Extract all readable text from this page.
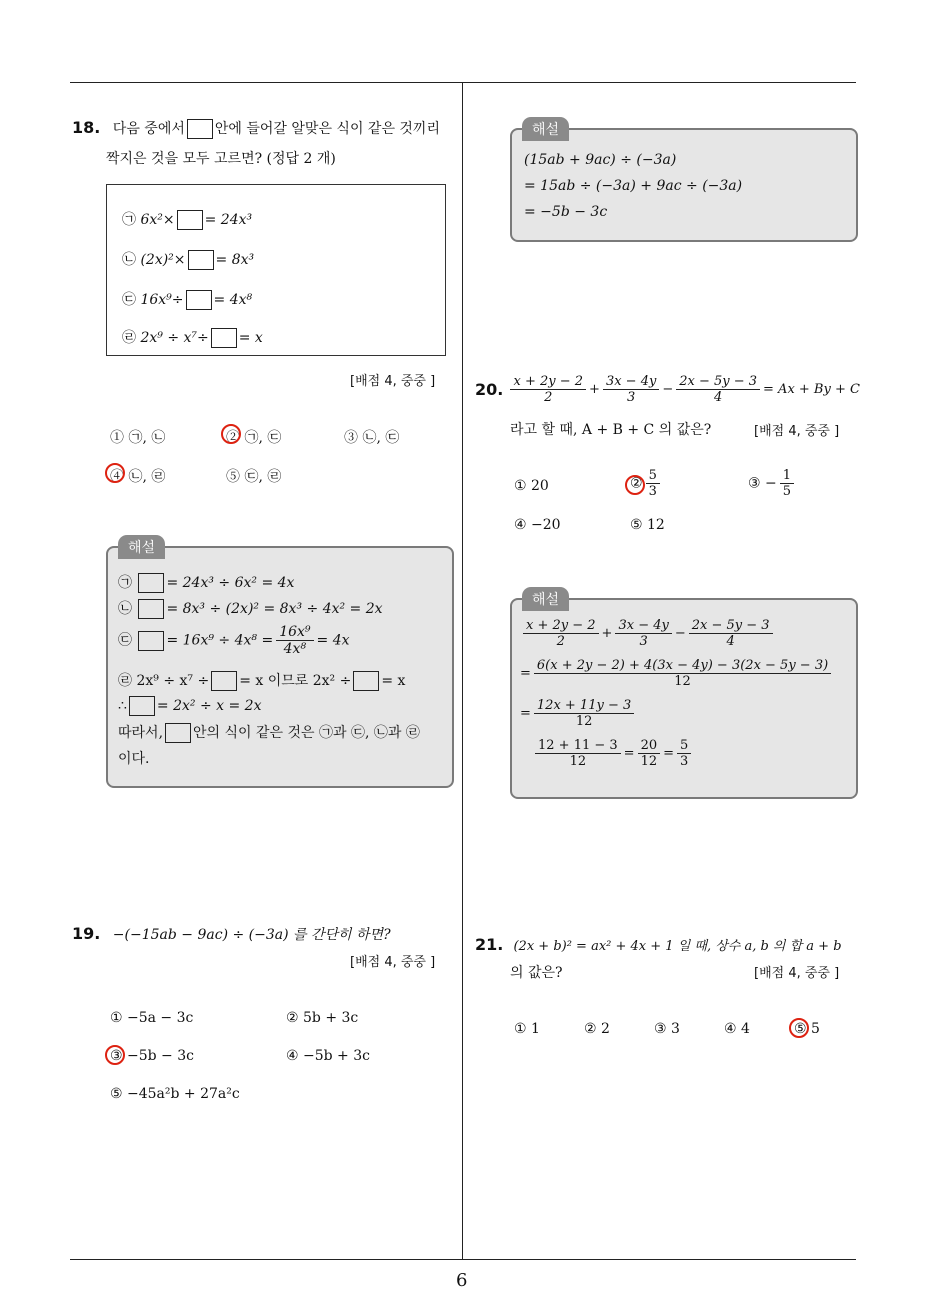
6
18. 다음 중에서 안에 들어갈 알맞은 식이 같은 것끼리
짝지은 것을 모두 고르면? (정답 2 개)
㉠ 6x²× = 24x³
㉡ (2x)²× = 8x³
㉢ 16x⁹÷ = 4x⁸
㉣ 2x⁹ ÷ x⁷÷ = x
[배점 4, 중중 ]
① ㉠, ㉡	② ㉠, ㉢	③ ㉡, ㉢
④ ㉡, ㉣	⑤ ㉢, ㉣
해설
㉠ = 24x³ ÷ 6x² = 4x
㉡ = 8x³ ÷ (2x)² = 8x³ ÷ 4x² = 2x
㉢ = $16x^9 \div 4x^8 = \frac{\text{16x⁹}}{\text{4x⁸}} = 4x$
㉣ 2x⁹ ÷ x⁷ ÷ = x 이므로 2x² ÷ = x
∴ = 2x² ÷ x = 2x
따라서, 안의 식이 같은 것은 ㉠과 ㉢, ㉡과 ㉣
이다.
19. −(−15ab − 9ac) ÷ (−3a) 를 간단히 하면?
[배점 4, 중중 ]
① −5a − 3c	② 5b + 3c
③ −5b − 3c	④ −5b + 3c
⑤ −45a²b + 27a²c
해설
(15ab + 9ac) ÷ (−3a)
= 15ab ÷ (−3a) + 9ac ÷ (−3a)
= −5b − 3c
20. $\frac{x + 2y - 2}{2} + \frac{3x - 4y}{3} - \frac{2x - 5y - 3}{4} = Ax + By + C$
라고 할 때, A + B + C 의 값은?	[배점 4, 중중 ]
① 20	② $\frac{5}{3}$	③ − $\frac{1}{5}$
④ −20	⑤ 12
해설
$\frac{x + 2y - 2}{2} + \frac{3x - 4y}{3} - \frac{2x - 5y - 3}{4}$
= $\frac{6(x + 2y - 2) + 4(3x - 4y) - 3(2x - 5y - 3)}{12}$
= $\frac{12x + 11y - 3}{12}$
$\frac{12 + 11 - 3}{12} = \frac{20}{12} = \frac{5}{3}$
21. (2x + b)² = ax² + 4x + 1 일 때, 상수 a, b 의 합 a + b
의 값은?	[배점 4, 중중 ]
① 1	② 2	③ 3	④ 4	⑤ 5
